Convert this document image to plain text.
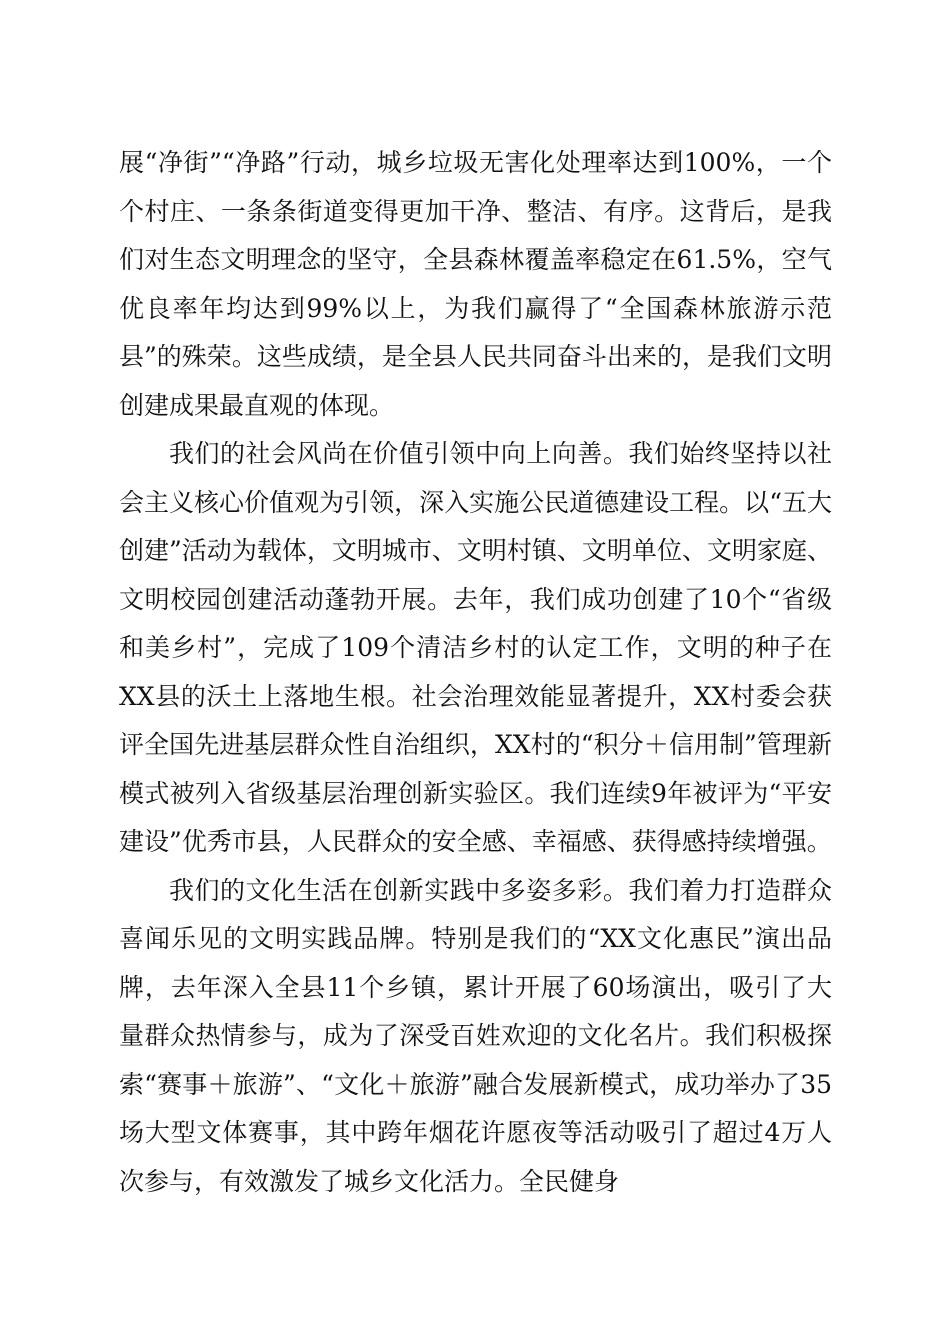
展“净街”“净路”行动，城乡垃圾无害化处理率达到100%，一个个村庄、一条条街道变得更加干净、整洁、有序。这背后，是我们对生态文明理念的坚守，全县森林覆盖率稳定在61.5%，空气优良率年均达到99%以上，为我们赢得了“全国森林旅游示范县”的殊荣。这些成绩，是全县人民共同奋斗出来的，是我们文明创建成果最直观的体现。

我们的社会风尚在价值引领中向上向善。我们始终坚持以社会主义核心价值观为引领，深入实施公民道德建设工程。以“五大创建”活动为载体，文明城市、文明村镇、文明单位、文明家庭、文明校园创建活动蓬勃开展。去年，我们成功创建了10个“省级和美乡村”，完成了109个清洁乡村的认定工作，文明的种子在XX县的沃土上落地生根。社会治理效能显著提升，XX村委会获评全国先进基层群众性自治组织，XX村的“积分＋信用制”管理新模式被列入省级基层治理创新实验区。我们连续9年被评为“平安建设”优秀市县，人民群众的安全感、幸福感、获得感持续增强。

我们的文化生活在创新实践中多姿多彩。我们着力打造群众喜闻乐见的文明实践品牌。特别是我们的“XX文化惠民”演出品牌，去年深入全县11个乡镇，累计开展了60场演出，吸引了大量群众热情参与，成为了深受百姓欢迎的文化名片。我们积极探索“赛事＋旅游”、“文化＋旅游”融合发展新模式，成功举办了35场大型文体赛事，其中跨年烟花许愿夜等活动吸引了超过4万人次参与，有效激发了城乡文化活力。全民健身
